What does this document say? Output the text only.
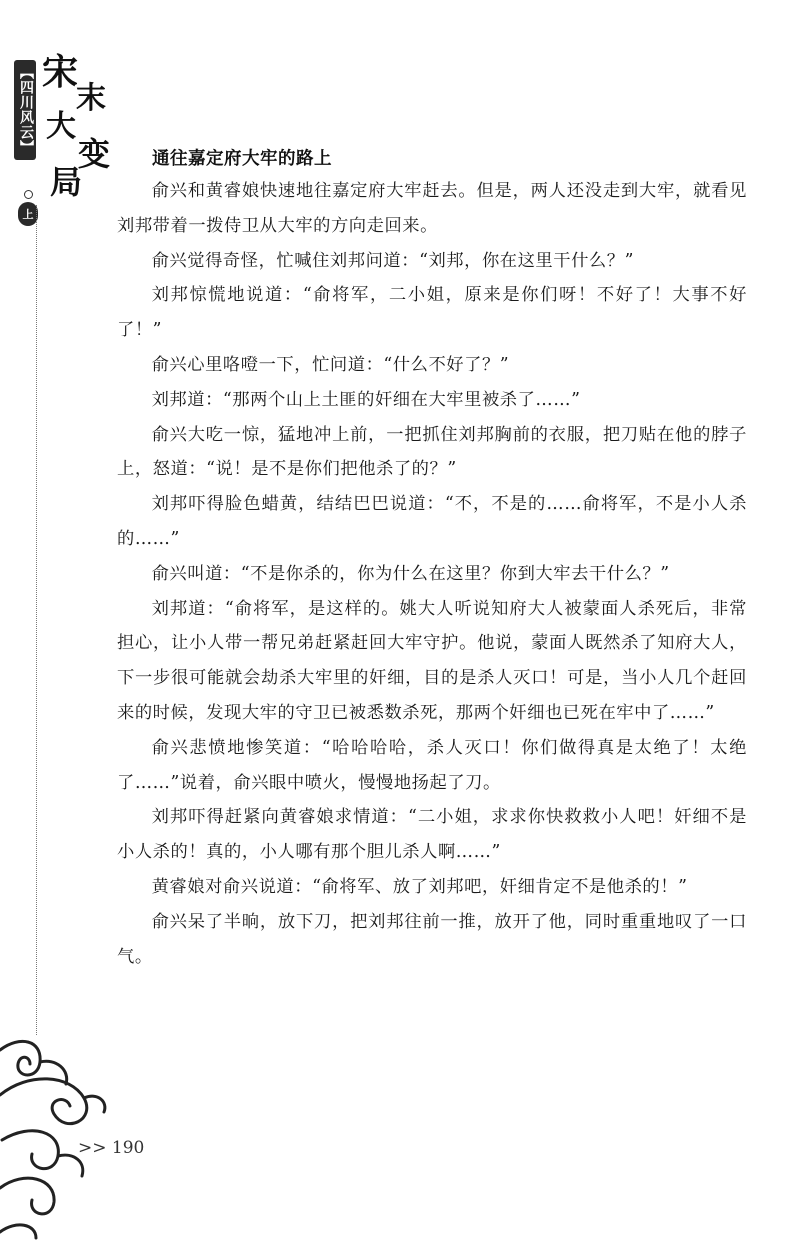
【四川风云】
上
宋
末
大
变
局
>> 190
通往嘉定府大牢的路上

俞兴和黄睿娘快速地往嘉定府大牢赶去。但是，两人还没走到大牢，就看见刘邦带着一拨侍卫从大牢的方向走回来。

俞兴觉得奇怪，忙喊住刘邦问道：“刘邦，你在这里干什么？”

刘邦惊慌地说道：“俞将军，二小姐，原来是你们呀！不好了！大事不好了！”

俞兴心里咯噔一下，忙问道：“什么不好了？”

刘邦道：“那两个山上土匪的奸细在大牢里被杀了……”

俞兴大吃一惊，猛地冲上前，一把抓住刘邦胸前的衣服，把刀贴在他的脖子上，怒道：“说！是不是你们把他杀了的？”

刘邦吓得脸色蜡黄，结结巴巴说道：“不，不是的……俞将军，不是小人杀的……”

俞兴叫道：“不是你杀的，你为什么在这里？你到大牢去干什么？”

刘邦道：“俞将军，是这样的。姚大人听说知府大人被蒙面人杀死后，非常担心，让小人带一帮兄弟赶紧赶回大牢守护。他说，蒙面人既然杀了知府大人，下一步很可能就会劫杀大牢里的奸细，目的是杀人灭口！可是，当小人几个赶回来的时候，发现大牢的守卫已被悉数杀死，那两个奸细也已死在牢中了……”

俞兴悲愤地惨笑道：“哈哈哈哈，杀人灭口！你们做得真是太绝了！太绝了……”说着，俞兴眼中喷火，慢慢地扬起了刀。

刘邦吓得赶紧向黄睿娘求情道：“二小姐，求求你快救救小人吧！奸细不是小人杀的！真的，小人哪有那个胆儿杀人啊……”

黄睿娘对俞兴说道：“俞将军、放了刘邦吧，奸细肯定不是他杀的！”

俞兴呆了半晌，放下刀，把刘邦往前一推，放开了他，同时重重地叹了一口气。
